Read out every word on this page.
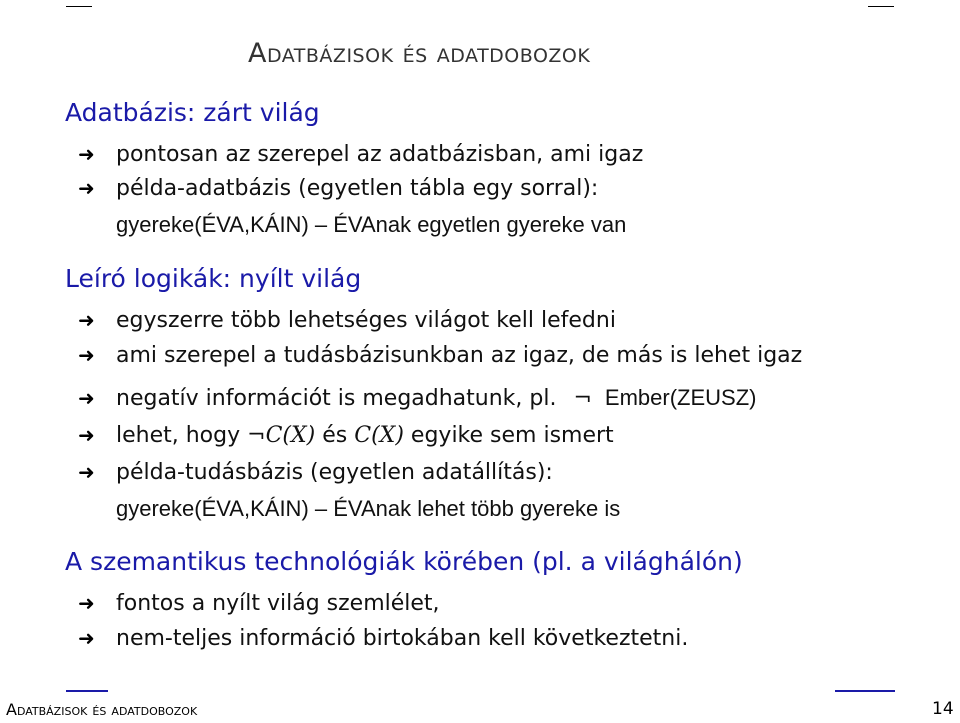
Adatbázisok és adatdobozok
Adatbázis: zárt világ
➜ pontosan az szerepel az adatbázisban, ami igaz
➜ példa-adatbázis (egyetlen tábla egy sorral):
gyereke(ÉVA,KÁIN) – ÉVAnak egyetlen gyereke van
Leíró logikák: nyílt világ
➜ egyszerre több lehetséges világot kell lefedni
➜ ami szerepel a tudásbázisunkban az igaz, de más is lehet igaz
➜ negatív információt is megadhatunk, pl. ¬ Ember(ZEUSZ)
➜ lehet, hogy ¬C(X) és C(X) egyike sem ismert
➜ példa-tudásbázis (egyetlen adatállítás):
gyereke(ÉVA,KÁIN) – ÉVAnak lehet több gyereke is
A szemantikus technológiák körében (pl. a világhálón)
➜ fontos a nyílt világ szemlélet,
➜ nem-teljes információ birtokában kell következtetni.
Adatbázisok és adatdobozok	14
